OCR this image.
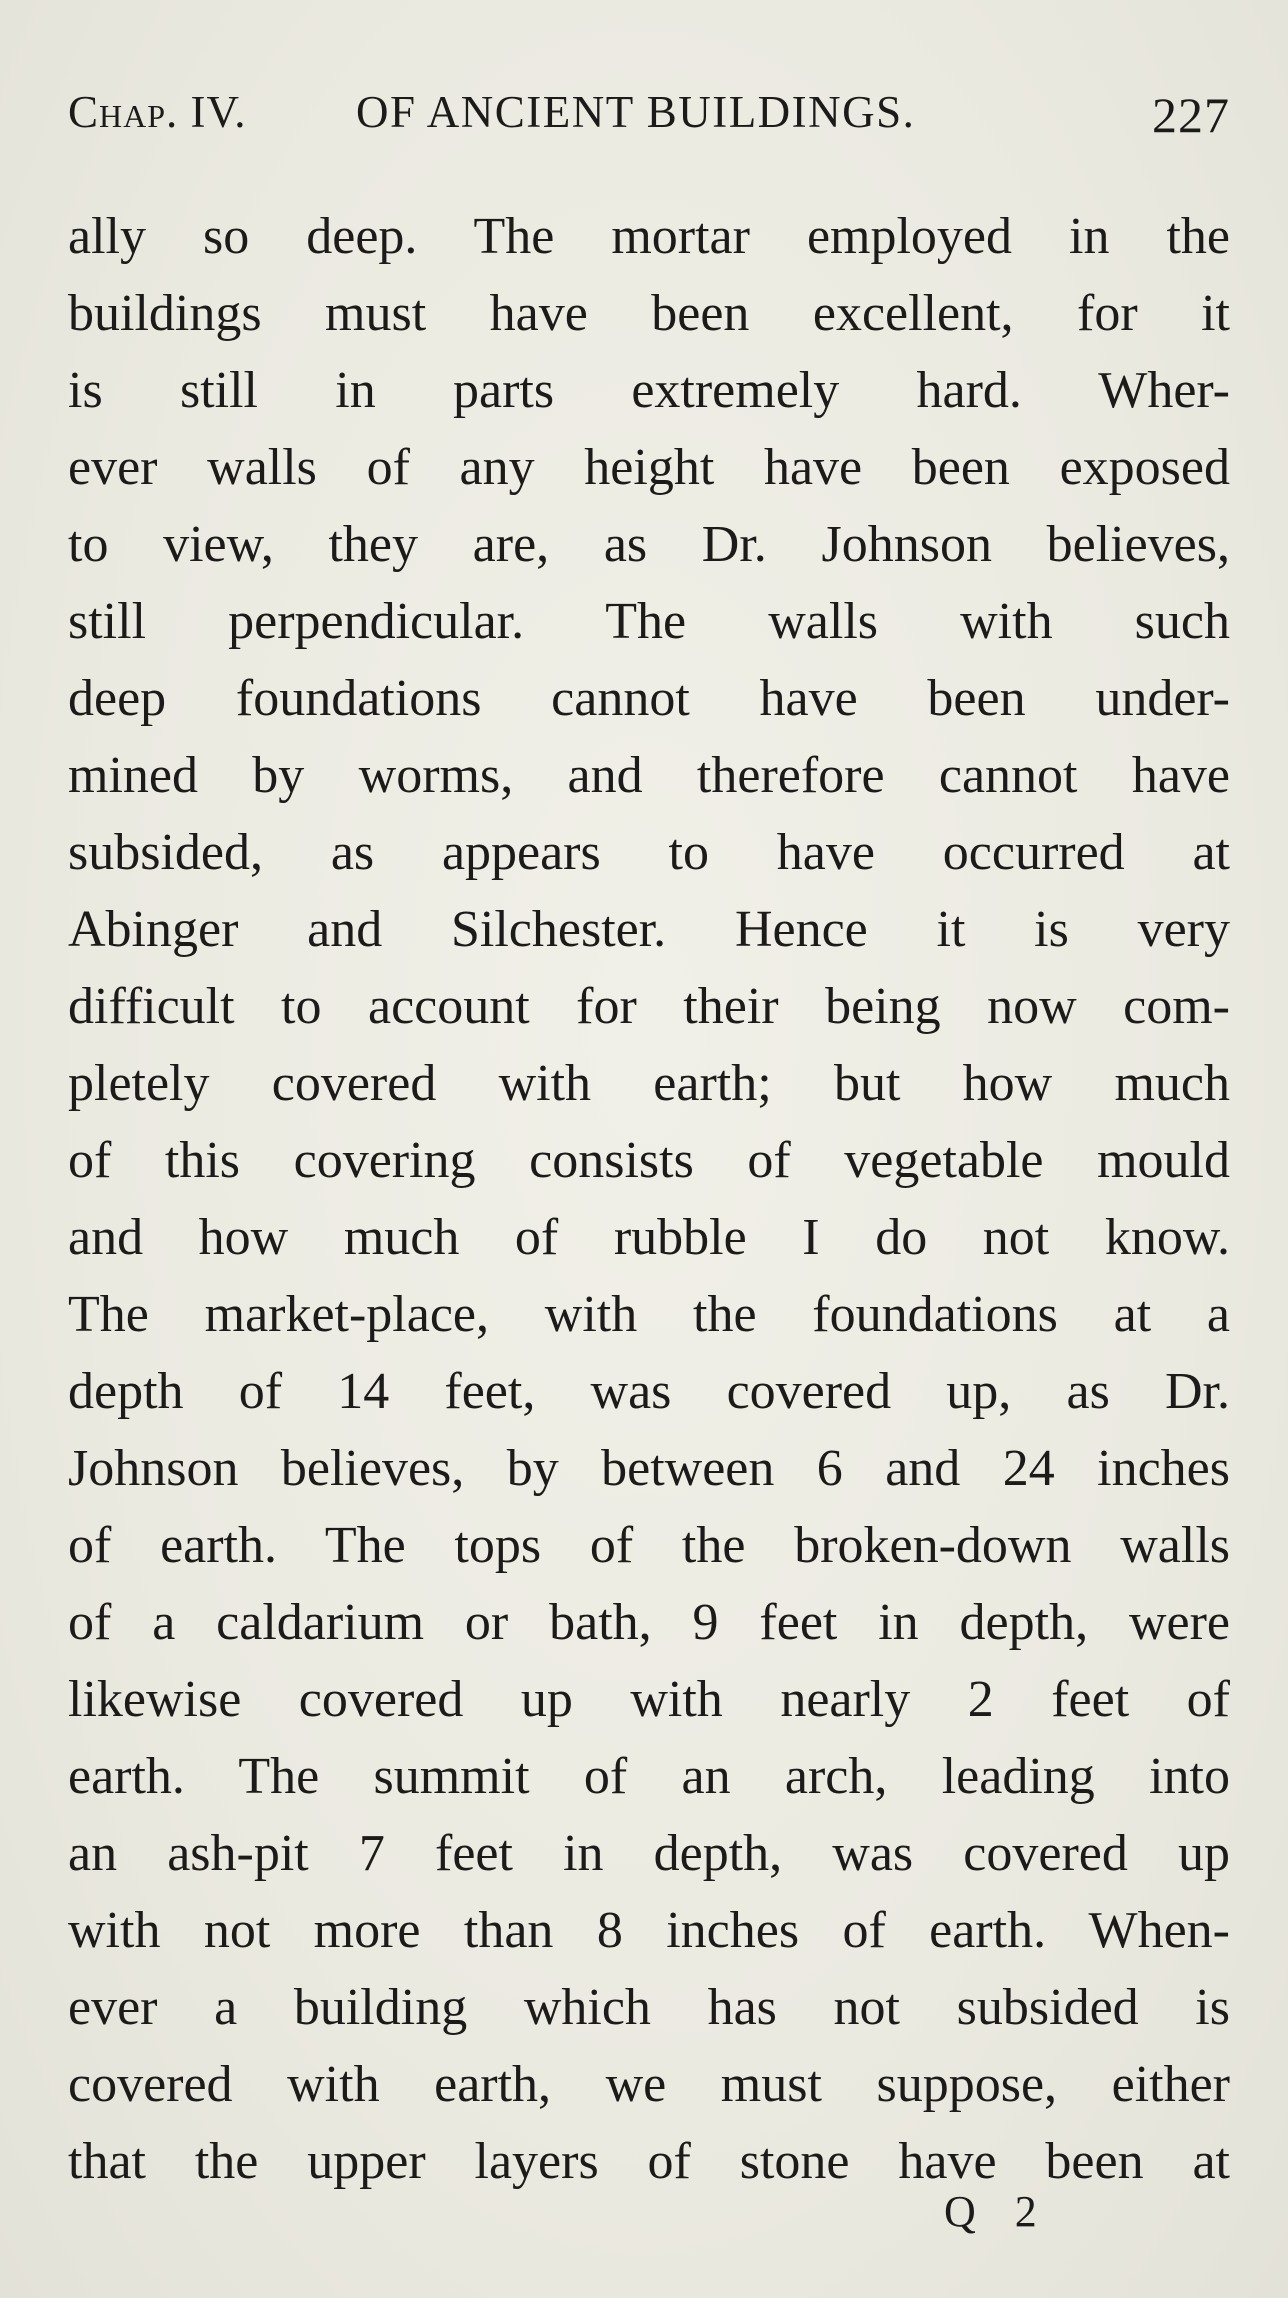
Chap. IV. OF ANCIENT BUILDINGS.	227
ally so deep. The mortar employed in the
buildings must have been excellent, for it
is still in parts extremely hard. Wher-
ever walls of any height have been exposed
to view, they are, as Dr. Johnson believes,
still perpendicular. The walls with such
deep foundations cannot have been under-
mined by worms, and therefore cannot have
subsided, as appears to have occurred at
Abinger and Silchester. Hence it is very
difficult to account for their being now com-
pletely covered with earth; but how much
of this covering consists of vegetable mould
and how much of rubble I do not know.
The market-place, with the foundations at a
depth of 14 feet, was covered up, as Dr.
Johnson believes, by between 6 and 24 inches
of earth. The tops of the broken-down walls
of a caldarium or bath, 9 feet in depth, were
likewise covered up with nearly 2 feet of
earth. The summit of an arch, leading into
an ash-pit 7 feet in depth, was covered up
with not more than 8 inches of earth. When-
ever a building which has not subsided is
covered with earth, we must suppose, either
that the upper layers of stone have been at
Q 2
